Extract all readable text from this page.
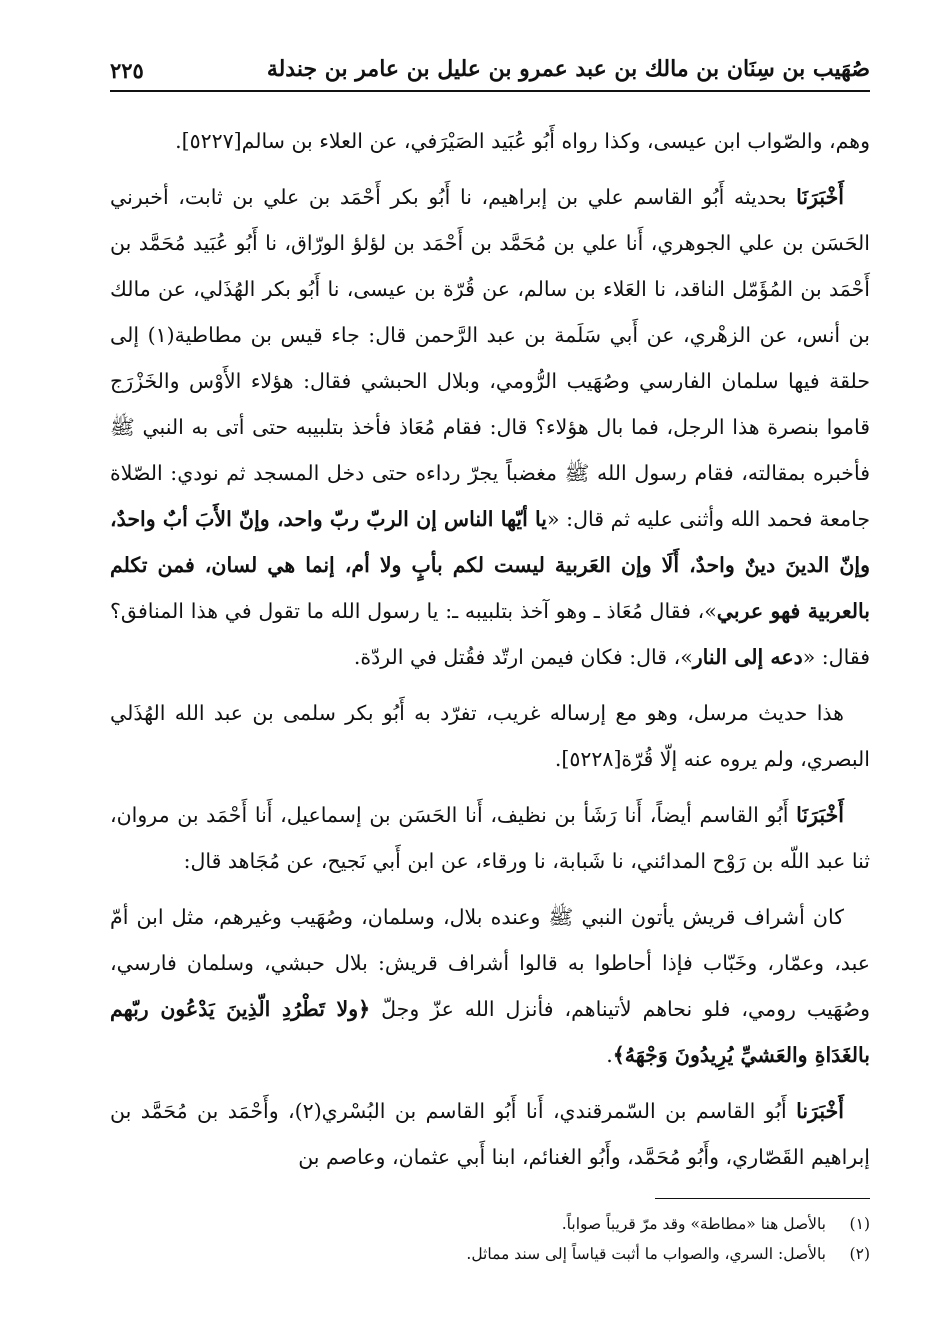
صُهَيب بن سِنَان بن مالك بن عبد عمرو بن عليل بن عامر بن جندلة
٢٢٥

وهم، والصّواب ابن عيسى، وكذا رواه أَبُو عُبَيد الصَيْرَفي، عن العلاء بن سالم[٥٢٢٧].

أَخْبَرَنَا بحديثه أَبُو القاسم علي بن إبراهيم، نا أَبُو بكر أَحْمَد بن علي بن ثابت، أخبرني الحَسَن بن علي الجوهري، أَنا علي بن مُحَمَّد بن أَحْمَد بن لؤلؤ الورّاق، نا أَبُو عُبَيد مُحَمَّد بن أَحْمَد بن المُؤَمّل الناقد، نا العَلاء بن سالم، عن قُرّة بن عيسى، نا أَبُو بكر الهُذَلي، عن مالك بن أنس، عن الزهْري، عن أَبي سَلَمة بن عبد الرَّحمن قال: جاء قيس بن مطاطية(١) إلى حلقة فيها سلمان الفارسي وصُهَيب الرُّومي، وبلال الحبشي فقال: هؤلاء الأَوْس والخَزْرَج قاموا بنصرة هذا الرجل، فما بال هؤلاء؟ قال: فقام مُعَاذ فأخذ بتلبيبه حتى أتى به النبي ﷺ فأخبره بمقالته، فقام رسول الله ﷺ مغضباً يجرّ رداءه حتى دخل المسجد ثم نودي: الصّلاة جامعة فحمد الله وأثنى عليه ثم قال: «يا أيّها الناس إن الربّ ربّ واحد، وإنّ الأَبَ أبٌ واحدٌ، وإنّ الدينَ دينٌ واحدٌ، أَلَا وإن العَربية ليست لكم بأبٍ ولا أم، إنما هي لسان، فمن تكلم بالعربية فهو عربي»، فقال مُعَاذ ـ وهو آخذ بتلبيبه ـ: يا رسول الله ما تقول في هذا المنافق؟ فقال: «دعه إلى النار»، قال: فكان فيمن ارتّد فقُتل في الردّة.

هذا حديث مرسل، وهو مع إرساله غريب، تفرّد به أَبُو بكر سلمى بن عبد الله الهُذَلي البصري، ولم يروه عنه إلّا قُرّة[٥٢٢٨].

أَخْبَرَنَا أَبُو القاسم أيضاً، أَنا رَشَأ بن نظيف، أَنا الحَسَن بن إسماعيل، أَنا أَحْمَد بن مروان، ثنا عبد اللّه بن رَوْح المدائني، نا شَبابة، نا ورقاء، عن ابن أَبي نَجيح، عن مُجَاهد قال:

كان أشراف قريش يأتون النبي ﷺ وعنده بلال، وسلمان، وصُهَيب وغيرهم، مثل ابن أمّ عبد، وعمّار، وخَبّاب فإذا أحاطوا به قالوا أشراف قريش: بلال حبشي، وسلمان فارسي، وصُهَيب رومي، فلو نحاهم لأتيناهم، فأنزل الله عزّ وجلّ ﴿ولا تَطْرُدِ الّذِينَ يَدْعُون ربّهم بالغَدَاةِ والعَشيِّ يُرِيدُونَ وَجْهَهُ﴾.

أَخْبَرَنا أَبُو القاسم بن السّمرقندي، أَنا أَبُو القاسم بن البُسْري(٢)، وأَحْمَد بن مُحَمَّد بن إبراهيم القَصّاري، وأَبُو مُحَمَّد، وأَبُو الغنائم، ابنا أَبي عثمان، وعاصم بن

(١)
بالأصل هنا «مطاطة» وقد مرّ قريباً صواباً.

(٢)
بالأصل: السري، والصواب ما أثبت قياساً إلى سند مماثل.
